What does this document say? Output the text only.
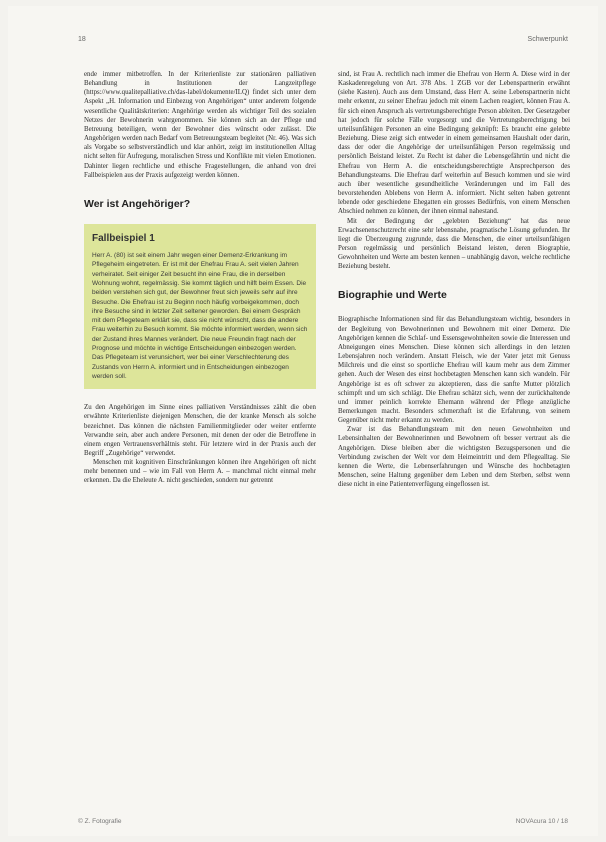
18	Schwerpunkt

ende immer mitbetroffen. In der Kriterienliste zur stationären palliativen Behandlung in Institutionen der Langzeitpflege (https://www.qualitepalliative.ch/das-label/dokumente/ILQ) findet sich unter dem Aspekt „H. Information und Einbezug von Angehörigen“ unter anderem folgende wesentliche Qualitätskriterien: Angehörige werden als wichtiger Teil des sozialen Netzes der Bewohnerin wahrgenommen. Sie können sich an der Pflege und Betreuung beteiligen, wenn der Bewohner dies wünscht oder zulässt. Die Angehörigen werden nach Bedarf vom Betreuungsteam begleitet (Nr. 46). Was sich als Vorgabe so selbstverständlich und klar anhört, zeigt im institutionellen Alltag nicht selten für Aufregung, moralischen Stress und Konflikte mit vielen Emotionen. Dahinter liegen rechtliche und ethische Fragestellungen, die anhand von drei Fallbeispielen aus der Praxis aufgezeigt werden können.

Wer ist Angehöriger?
Fallbeispiel 1

Herr A. (80) ist seit einem Jahr wegen einer Demenz-Erkrankung im Pflegeheim eingetreten. Er ist mit der Ehefrau Frau A. seit vielen Jahren verheiratet. Seit einiger Zeit besucht ihn eine Frau, die in derselben Wohnung wohnt, regelmässig. Sie kommt täglich und hilft beim Essen. Die beiden verstehen sich gut, der Bewohner freut sich jeweils sehr auf ihre Besuche. Die Ehefrau ist zu Beginn noch häufig vorbeigekommen, doch ihre Besuche sind in letzter Zeit seltener geworden. Bei einem Gespräch mit dem Pflegeteam erklärt sie, dass sie nicht wünscht, dass die andere Frau weiterhin zu Besuch kommt. Sie möchte informiert werden, wenn sich der Zustand ihres Mannes verändert. Die neue Freundin fragt nach der Prognose und möchte in wichtige Entscheidungen einbezogen werden. Das Pflegeteam ist verunsichert, wer bei einer Verschlechterung des Zustands von Herrn A. informiert und in Entscheidungen einbezogen werden soll.

Zu den Angehörigen im Sinne eines palliativen Verständnisses zählt die oben erwähnte Kriterienliste diejenigen Menschen, die der kranke Mensch als solche bezeichnet. Das können die nächsten Familienmitglieder oder weiter entfernte Verwandte sein, aber auch andere Personen, mit denen der oder die Betroffene in einem engen Vertrauensverhältnis steht. Für letztere wird in der Praxis auch der Begriff „Zugehörige“ verwendet.

Menschen mit kognitiven Einschränkungen können ihre Angehörigen oft nicht mehr benennen und – wie im Fall von Herrn A. – manchmal nicht einmal mehr erkennen. Da die Eheleute A. nicht geschieden, sondern nur getrennt

sind, ist Frau A. rechtlich nach immer die Ehefrau von Herrn A. Diese wird in der Kaskadenregelung von Art. 378 Abs. 1 ZGB vor der Lebenspartnerin erwähnt (siehe Kasten). Auch aus dem Umstand, dass Herr A. seine Lebenspartnerin nicht mehr erkennt, zu seiner Ehefrau jedoch mit einem Lachen reagiert, können Frau A. für sich einen Anspruch als vertretungsberechtigte Person ableiten. Der Gesetzgeber hat jedoch für solche Fälle vorgesorgt und die Vertretungsberechtigung bei urteilsunfähigen Personen an eine Bedingung geknüpft: Es braucht eine gelebte Beziehung. Diese zeigt sich entweder in einem gemeinsamen Haushalt oder darin, dass der oder die Angehörige der urteilsunfähigen Person regelmässig und persönlich Beistand leistet. Zu Recht ist daher die Lebensgefährtin und nicht die Ehefrau von Herrn A. die entscheidungsberechtigte Ansprechperson des Behandlungsteams. Die Ehefrau darf weiterhin auf Besuch kommen und sie wird auch über wesentliche gesundheitliche Veränderungen und im Fall des bevorstehenden Ablebens von Herrn A. informiert. Nicht selten haben getrennt lebende oder geschiedene Ehegatten ein grosses Bedürfnis, von einem Menschen Abschied nehmen zu können, der ihnen einmal nahestand.

Mit der Bedingung der „gelebten Beziehung“ hat das neue Erwachsenenschutzrecht eine sehr lebensnahe, pragmatische Lösung gefunden. Ihr liegt die Überzeugung zugrunde, dass die Menschen, die einer urteilsunfähigen Person regelmässig und persönlich Beistand leisten, deren Biographie, Gewohnheiten und Werte am besten kennen – unabhängig davon, welche rechtliche Beziehung besteht.

Biographie und Werte

Biographische Informationen sind für das Behandlungsteam wichtig, besonders in der Begleitung von Bewohnerinnen und Bewohnern mit einer Demenz. Die Angehörigen kennen die Schlaf- und Essensgewohnheiten sowie die Interessen und Abneigungen eines Menschen. Diese können sich allerdings in den letzten Lebensjahren noch verändern. Anstatt Fleisch, wie der Vater jetzt mit Genuss Milchreis und die einst so sportliche Ehefrau will kaum mehr aus dem Zimmer gehen. Auch der Wesen des einst hochbetagten Menschen kann sich wandeln. Für Angehörige ist es oft schwer zu akzeptieren, dass die sanfte Mutter plötzlich schimpft und um sich schlägt. Die Ehefrau schätzt sich, wenn der zurückhaltende und immer peinlich korrekte Ehemann während der Pflege anzügliche Bemerkungen macht. Besonders schmerzhaft ist die Erfahrung, von seinem Gegenüber nicht mehr erkannt zu werden.

Zwar ist das Behandlungsteam mit den neuen Gewohnheiten und Lebensinhalten der Bewohnerinnen und Bewohnern oft besser vertraut als die Angehörigen. Diese bleiben aber die wichtigsten Bezugspersonen und die Verbindung zwischen der Welt vor dem Heimeintritt und dem Pflegealltag. Sie kennen die Werte, die Lebenserfahrungen und Wünsche des hochbetagten Menschen, seine Haltung gegenüber dem Leben und dem Sterben, selbst wenn diese nicht in eine Patientenverfügung eingeflossen ist.

© Z. Fotografie	NOVAcura 10 / 18
